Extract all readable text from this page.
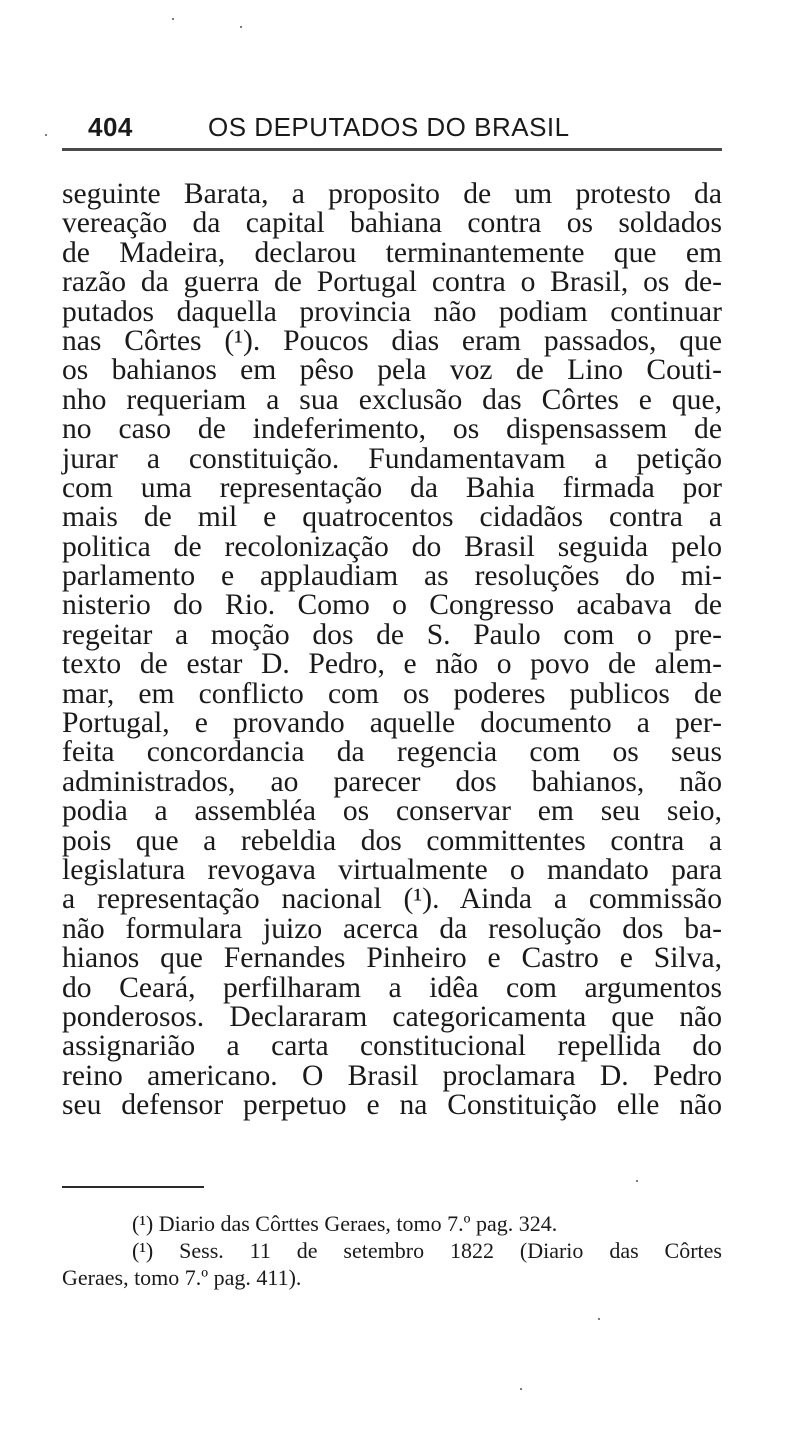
404	OS DEPUTADOS DO BRASIL
seguinte Barata, a proposito de um protesto da
vereação da capital bahiana contra os soldados
de Madeira, declarou terminantemente que em
razão da guerra de Portugal contra o Brasil, os de-
putados daquella provincia não podiam continuar
nas Côrtes (¹). Poucos dias eram passados, que
os bahianos em pêso pela voz de Lino Couti-
nho requeriam a sua exclusão das Côrtes e que,
no caso de indeferimento, os dispensassem de
jurar a constituição. Fundamentavam a petição
com uma representação da Bahia firmada por
mais de mil e quatrocentos cidadãos contra a
politica de recolonização do Brasil seguida pelo
parlamento e applaudiam as resoluções do mi-
nisterio do Rio. Como o Congresso acabava de
regeitar a moção dos de S. Paulo com o pre-
texto de estar D. Pedro, e não o povo de alem-
mar, em conflicto com os poderes publicos de
Portugal, e provando aquelle documento a per-
feita concordancia da regencia com os seus
administrados, ao parecer dos bahianos, não
podia a assembléa os conservar em seu seio,
pois que a rebeldia dos committentes contra a
legislatura revogava virtualmente o mandato para
a representação nacional (¹). Ainda a commissão
não formulara juizo acerca da resolução dos ba-
hianos que Fernandes Pinheiro e Castro e Silva,
do Ceará, perfilharam a idêa com argumentos
ponderosos. Declararam categoricamenta que não
assignarião a carta constitucional repellida do
reino americano. O Brasil proclamara D. Pedro
seu defensor perpetuo e na Constituição elle não
(¹) Diario das Côrttes Geraes, tomo 7.º pag. 324.
(¹) Sess. 11 de setembro 1822 (Diario das Côrtes
Geraes, tomo 7.º pag. 411).
